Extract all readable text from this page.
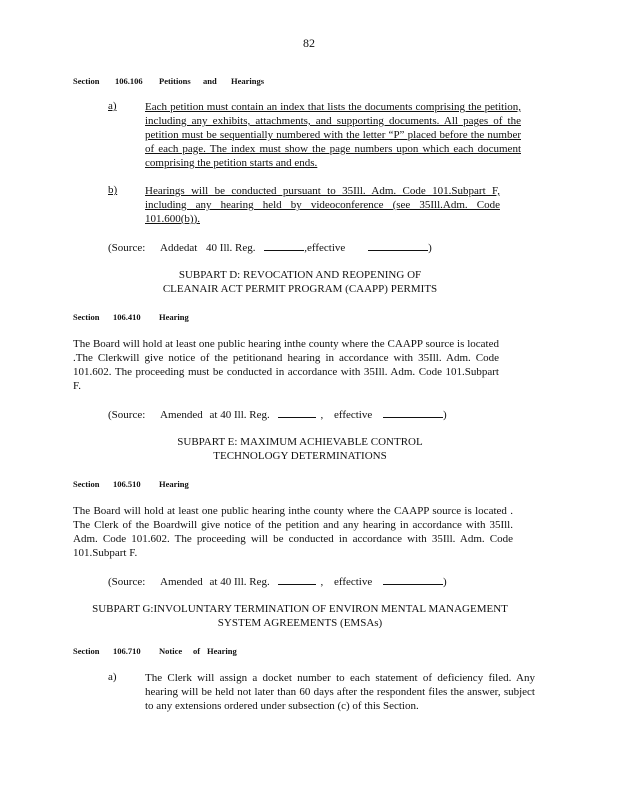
82
Section 106.106 Petitions and Hearings
a)	Each petition must contain an index that lists the documents comprising the petition, including any exhibits, attachments, and supporting documents. All pages of the petition must be sequentially numbered with the letter “P” placed before the number of each page. The index must show the page numbers upon which each document comprising the petition starts and ends.
b)	Hearings will be conducted pursuant to 35Ill. Adm. Code 101.Subpart F, including any hearing held by videoconference (see 35Ill.Adm. Code 101.600(b)).
(Source: Addedat 40 Ill. Reg.	,effective	)
SUBPART D: REVOCATION AND REOPENING OF
CLEANAIR ACT PERMIT PROGRAM (CAAPP) PERMITS
Section 106.410 Hearing
The Board will hold at least one public hearing inthe county where the CAAPP source is located .The Clerkwill give notice of the petitionand hearing in accordance with 35Ill. Adm. Code 101.602. The proceeding must be conducted in accordance with 35Ill. Adm. Code 101.Subpart F.
(Source: Amended at 40 Ill. Reg.	, effective	)
SUBPART E: MAXIMUM ACHIEVABLE CONTROL
TECHNOLOGY DETERMINATIONS
Section 106.510 Hearing
The Board will hold at least one public hearing inthe county where the CAAPP source is located . The Clerk of the Boardwill give notice of the petition and any hearing in accordance with 35Ill. Adm. Code 101.602. The proceeding will be conducted in accordance with 35Ill. Adm. Code 101.Subpart F.
(Source: Amended at 40 Ill. Reg.	, effective	)
SUBPART G:INVOLUNTARY TERMINATION OF ENVIRON MENTAL MANAGEMENT
SYSTEM AGREEMENTS (EMSAs)
Section 106.710 Notice of Hearing
a)	The Clerk will assign a docket number to each statement of deficiency filed. Any hearing will be held not later than 60 days after the respondent files the answer, subject to any extensions ordered under subsection (c) of this Section.
